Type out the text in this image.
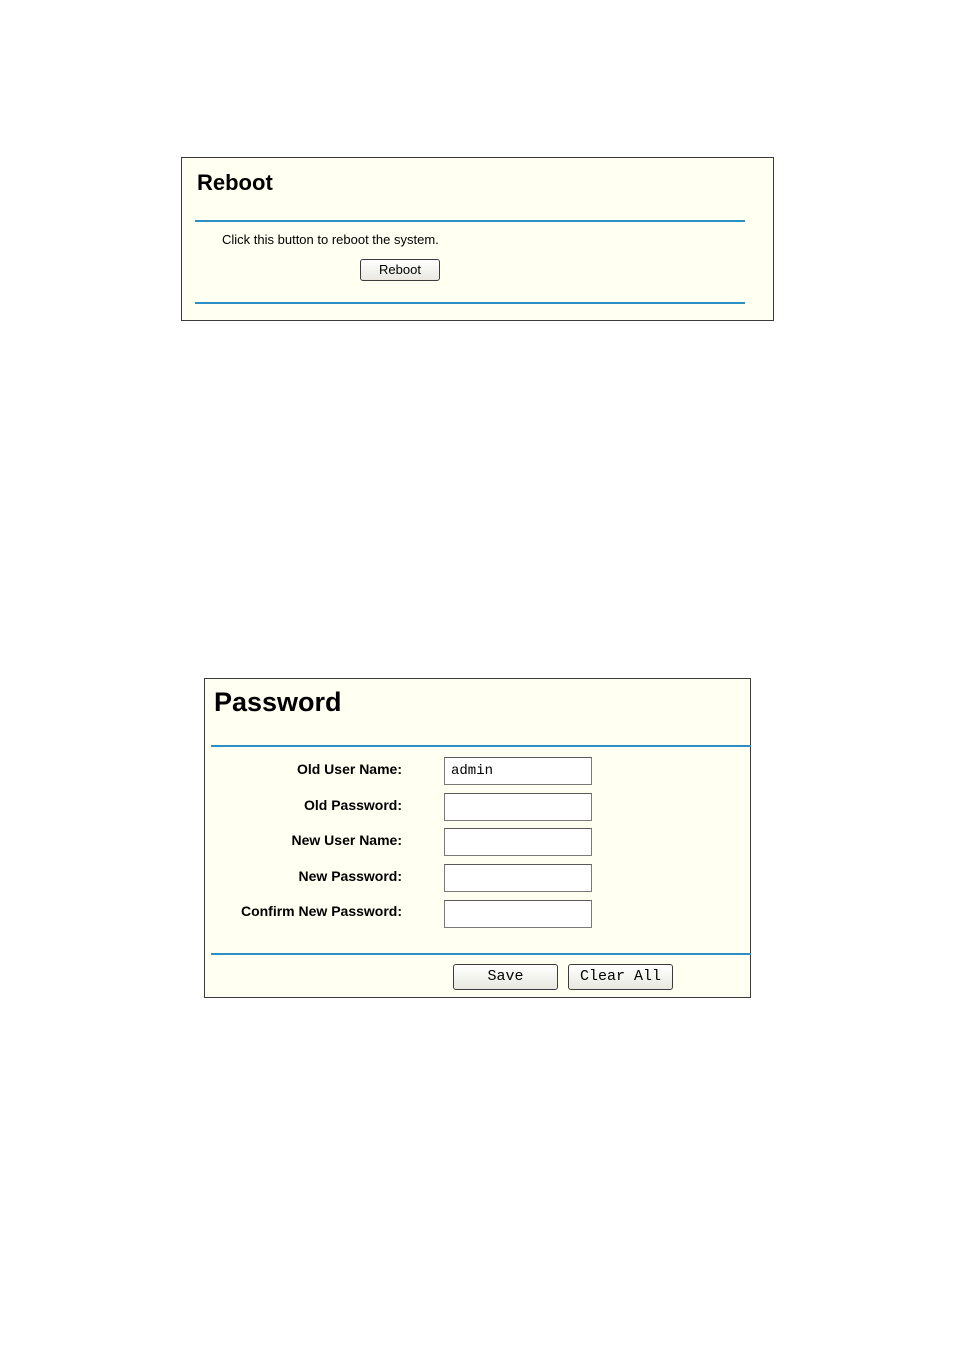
Reboot
Click this button to reboot the system.
Reboot
Password
Old User Name:
admin
Old Password:
New User Name:
New Password:
Confirm New Password:
Save	Clear All
